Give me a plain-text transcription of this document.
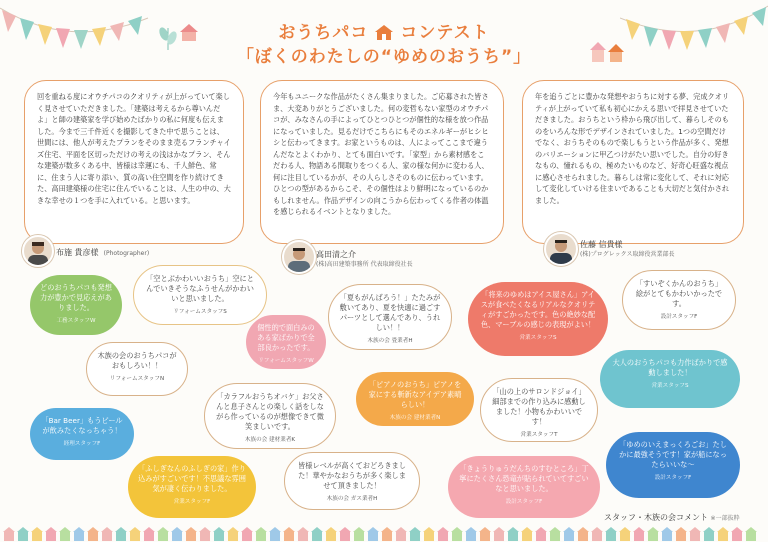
おうちパコ コンテスト
「ぼくのわたしの“ゆめのおうち”」
回を重ねる度にオウチパコのクオリティが上がっていて楽しく見させていただきました。「建築は考えるから尊いんだよ」と師の建築家を学び始めたばかりの私に何度も伝えました。今まで三千件近くを撮影してきた中で思うことは、世間には、他人が考えたプランをそのまま売るフランチャイズ住宅、平面を区切っただけの考えの浅はかなプラン、そんな建築が数多くある中、皆様は幸運にも、千人鮮色、常に、住まう人に寄り添い、質の高い住空間を作り続けてきた、高田建築様の住宅に住んでいることは、人生の中の、大きな幸せの１つを手に入れている。と思います。
今年もユニークな作品がたくさん集まりました。ご応募された皆さま、大変ありがとうございました。何の変哲もない家型のオウチパコが、みなさんの手によってひとつひとつが個性的な様を放つ作品になっていました。見るだけでこちらにもそのエネルギーがヒシヒシと伝わってきます。お家というものは、人によってここまで違うんだなとよくわかり、とても面白いです。「家型」から素材感をこだわる人、物語ある間取りをつくる人、家の様な何かに変わる人、何に注目しているかが、その人らしさそのものに伝わっています。ひとつの型があるからこそ、その個性はより鮮明になっているのかもしれません。作品デザインの向こうから伝わってくる作者の体温を感じられるイベントとなりました。
年を追うごとに豊かな発想やおうちに対する夢、完成クオリティが上がっていて私も初心にかえる思いで拝見させていただきました。おうちという枠から飛び出して、暮らしそのものをいろんな形でデザインされていました。1つの空間だけでなく、おうちそのもので楽しもうという作品が多く、発想のバリエーションに甲乙つけがたい思いでした。自分の好きなもの、憧れるもの、極めたいものなど、好奇心旺盛な視点に感心させられました。暮らしは常に変化して、それに対応して変化していける住まいであることも大切だと気付かされました。
布施 貴彦様 (Photographer)	高田清之介
(株)高田建築事務所 代表取締役社長
佐藤 信貴様
(株)プログレックス取締役営業部長
どのおうちパコも発想力が豊かで見応えがありました。
工務スタッフW
「空とぶかわいいおうち」空にとんでいきそうなふうせんがかわいいと思いました。
リフォームスタッフS
個性的で面白みのある家ばかりで全部良かったです。
リフォームスタッフW
木族の会のおうちパコがおもしろい！！
リフォームスタッフN
「カラフルおうちオバケ」お父さんと息子さんとの楽しく話をしながら作っているのが想像できて微笑ましいです。
木族の会 建材業者K
「Bar Beer」もうビールが飲みたくなっちゃう！
経理スタッフF
「ふしぎなんのふしぎの家」作り込みがすごいです！不思議な雰囲気が凄く伝わりました。
営業スタッフF
「夏もがんばろう！」たたみが敷いてあり、夏を快適に過ごすパーツとして選んであり、うれしい！！
木族の会 畳業者H
「ピアノのおうち」ピアノを家にする斬新なアイデア素晴らしい！
木族の会 建材業者N
皆様レベルが高くておどろきました！華やかなおうちが多く楽しませて頂きました！
木族の会 ガス業者H
「将来のゆめはアイス屋さん」アイスが食べたくなるリアルなクオリティがすごかったです。色の絶妙な配色、マーブルの感じの表現がよい！
営業スタッフS
「すいぞくかんのおうち」絵がとてもかわいかったです。
設計スタッフF
「山の上のサロンドジョイ」細部までの作り込みに感動しました！小物もかわいいです！
営業スタッフT
大人のおうちパコも力作ばかりで感動しました！
営業スタッフS
「ゆめのいえまっくろごお」たしかに最強そうです！家が船になったらいいな～
設計スタッフF
「きょうりゅうだんちのすむところ」丁寧にたくさん恐竜が貼られていてすごいなと思いました。
設計スタッフF
スタッフ・木族の会コメント ※一部抜粋
